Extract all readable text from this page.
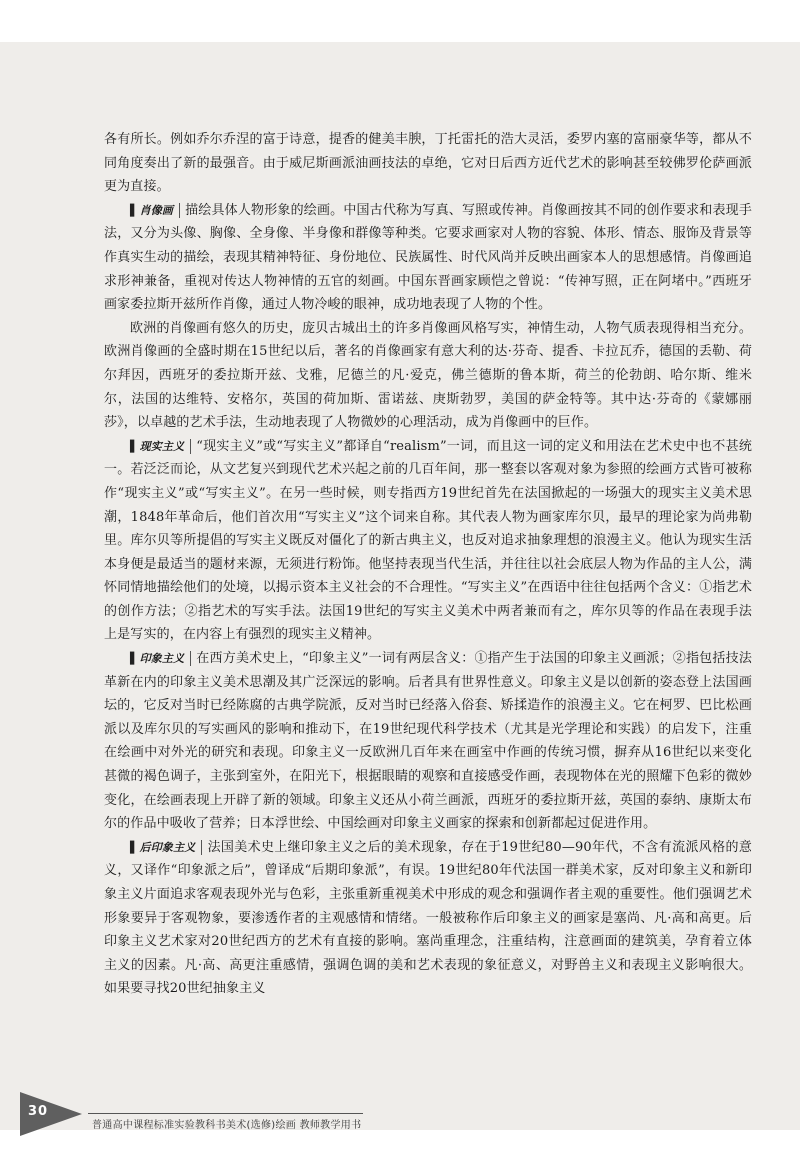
各有所长。例如乔尔乔涅的富于诗意，提香的健美丰腴，丁托雷托的浩大灵活，委罗内塞的富丽豪华等，都从不同角度奏出了新的最强音。由于威尼斯画派油画技法的卓绝，它对日后西方近代艺术的影响甚至较佛罗伦萨画派更为直接。

▌ 肖像画 描绘具体人物形象的绘画。中国古代称为写真、写照或传神。肖像画按其不同的创作要求和表现手法，又分为头像、胸像、全身像、半身像和群像等种类。它要求画家对人物的容貌、体形、情态、服饰及背景等作真实生动的描绘，表现其精神特征、身份地位、民族属性、时代风尚并反映出画家本人的思想感情。肖像画追求形神兼备，重视对传达人物神情的五官的刻画。中国东晋画家顾恺之曾说：“传神写照，正在阿堵中。”西班牙画家委拉斯开兹所作肖像，通过人物冷峻的眼神，成功地表现了人物的个性。

欧洲的肖像画有悠久的历史，庞贝古城出土的许多肖像画风格写实，神情生动，人物气质表现得相当充分。欧洲肖像画的全盛时期在15世纪以后，著名的肖像画家有意大利的达·芬奇、提香、卡拉瓦乔，德国的丢勒、荷尔拜因，西班牙的委拉斯开兹、戈雅，尼德兰的凡·爱克，佛兰德斯的鲁本斯，荷兰的伦勃朗、哈尔斯、维米尔，法国的达维特、安格尔，英国的荷加斯、雷诺兹、庚斯勃罗，美国的萨金特等。其中达·芬奇的《蒙娜丽莎》，以卓越的艺术手法，生动地表现了人物微妙的心理活动，成为肖像画中的巨作。

▌ 现实主义 “现实主义”或“写实主义”都译自“realism”一词，而且这一词的定义和用法在艺术史中也不甚统一。若泛泛而论，从文艺复兴到现代艺术兴起之前的几百年间，那一整套以客观对象为参照的绘画方式皆可被称作“现实主义”或“写实主义”。在另一些时候，则专指西方19世纪首先在法国掀起的一场强大的现实主义美术思潮，1848年革命后，他们首次用“写实主义”这个词来自称。其代表人物为画家库尔贝，最早的理论家为尚弗勒里。库尔贝等所提倡的写实主义既反对僵化了的新古典主义，也反对追求抽象理想的浪漫主义。他认为现实生活本身便是最适当的题材来源，无须进行粉饰。他坚持表现当代生活，并往往以社会底层人物为作品的主人公，满怀同情地描绘他们的处境，以揭示资本主义社会的不合理性。“写实主义”在西语中往往包括两个含义：①指艺术的创作方法；②指艺术的写实手法。法国19世纪的写实主义美术中两者兼而有之，库尔贝等的作品在表现手法上是写实的，在内容上有强烈的现实主义精神。

▌ 印象主义 在西方美术史上，“印象主义”一词有两层含义：①指产生于法国的印象主义画派；②指包括技法革新在内的印象主义美术思潮及其广泛深远的影响。后者具有世界性意义。印象主义是以创新的姿态登上法国画坛的，它反对当时已经陈腐的古典学院派，反对当时已经落入俗套、矫揉造作的浪漫主义。它在柯罗、巴比松画派以及库尔贝的写实画风的影响和推动下，在19世纪现代科学技术（尤其是光学理论和实践）的启发下，注重在绘画中对外光的研究和表现。印象主义一反欧洲几百年来在画室中作画的传统习惯，摒弃从16世纪以来变化甚微的褐色调子，主张到室外，在阳光下，根据眼睛的观察和直接感受作画，表现物体在光的照耀下色彩的微妙变化，在绘画表现上开辟了新的领域。印象主义还从小荷兰画派，西班牙的委拉斯开兹，英国的泰纳、康斯太布尔的作品中吸收了营养；日本浮世绘、中国绘画对印象主义画家的探索和创新都起过促进作用。

▌ 后印象主义 法国美术史上继印象主义之后的美术现象，存在于19世纪80—90年代，不含有流派风格的意义，又译作“印象派之后”，曾译成“后期印象派”，有误。19世纪80年代法国一群美术家，反对印象主义和新印象主义片面追求客观表现外光与色彩，主张重新重视美术中形成的观念和强调作者主观的重要性。他们强调艺术形象要异于客观物象，要渗透作者的主观感情和情绪。一般被称作后印象主义的画家是塞尚、凡·高和高更。后印象主义艺术家对20世纪西方的艺术有直接的影响。塞尚重理念，注重结构，注意画面的建筑美，孕育着立体主义的因素。凡·高、高更注重感情，强调色调的美和艺术表现的象征意义，对野兽主义和表现主义影响很大。如果要寻找20世纪抽象主义

30
普通高中课程标准实验教科书美术(选修)绘画 教师教学用书
